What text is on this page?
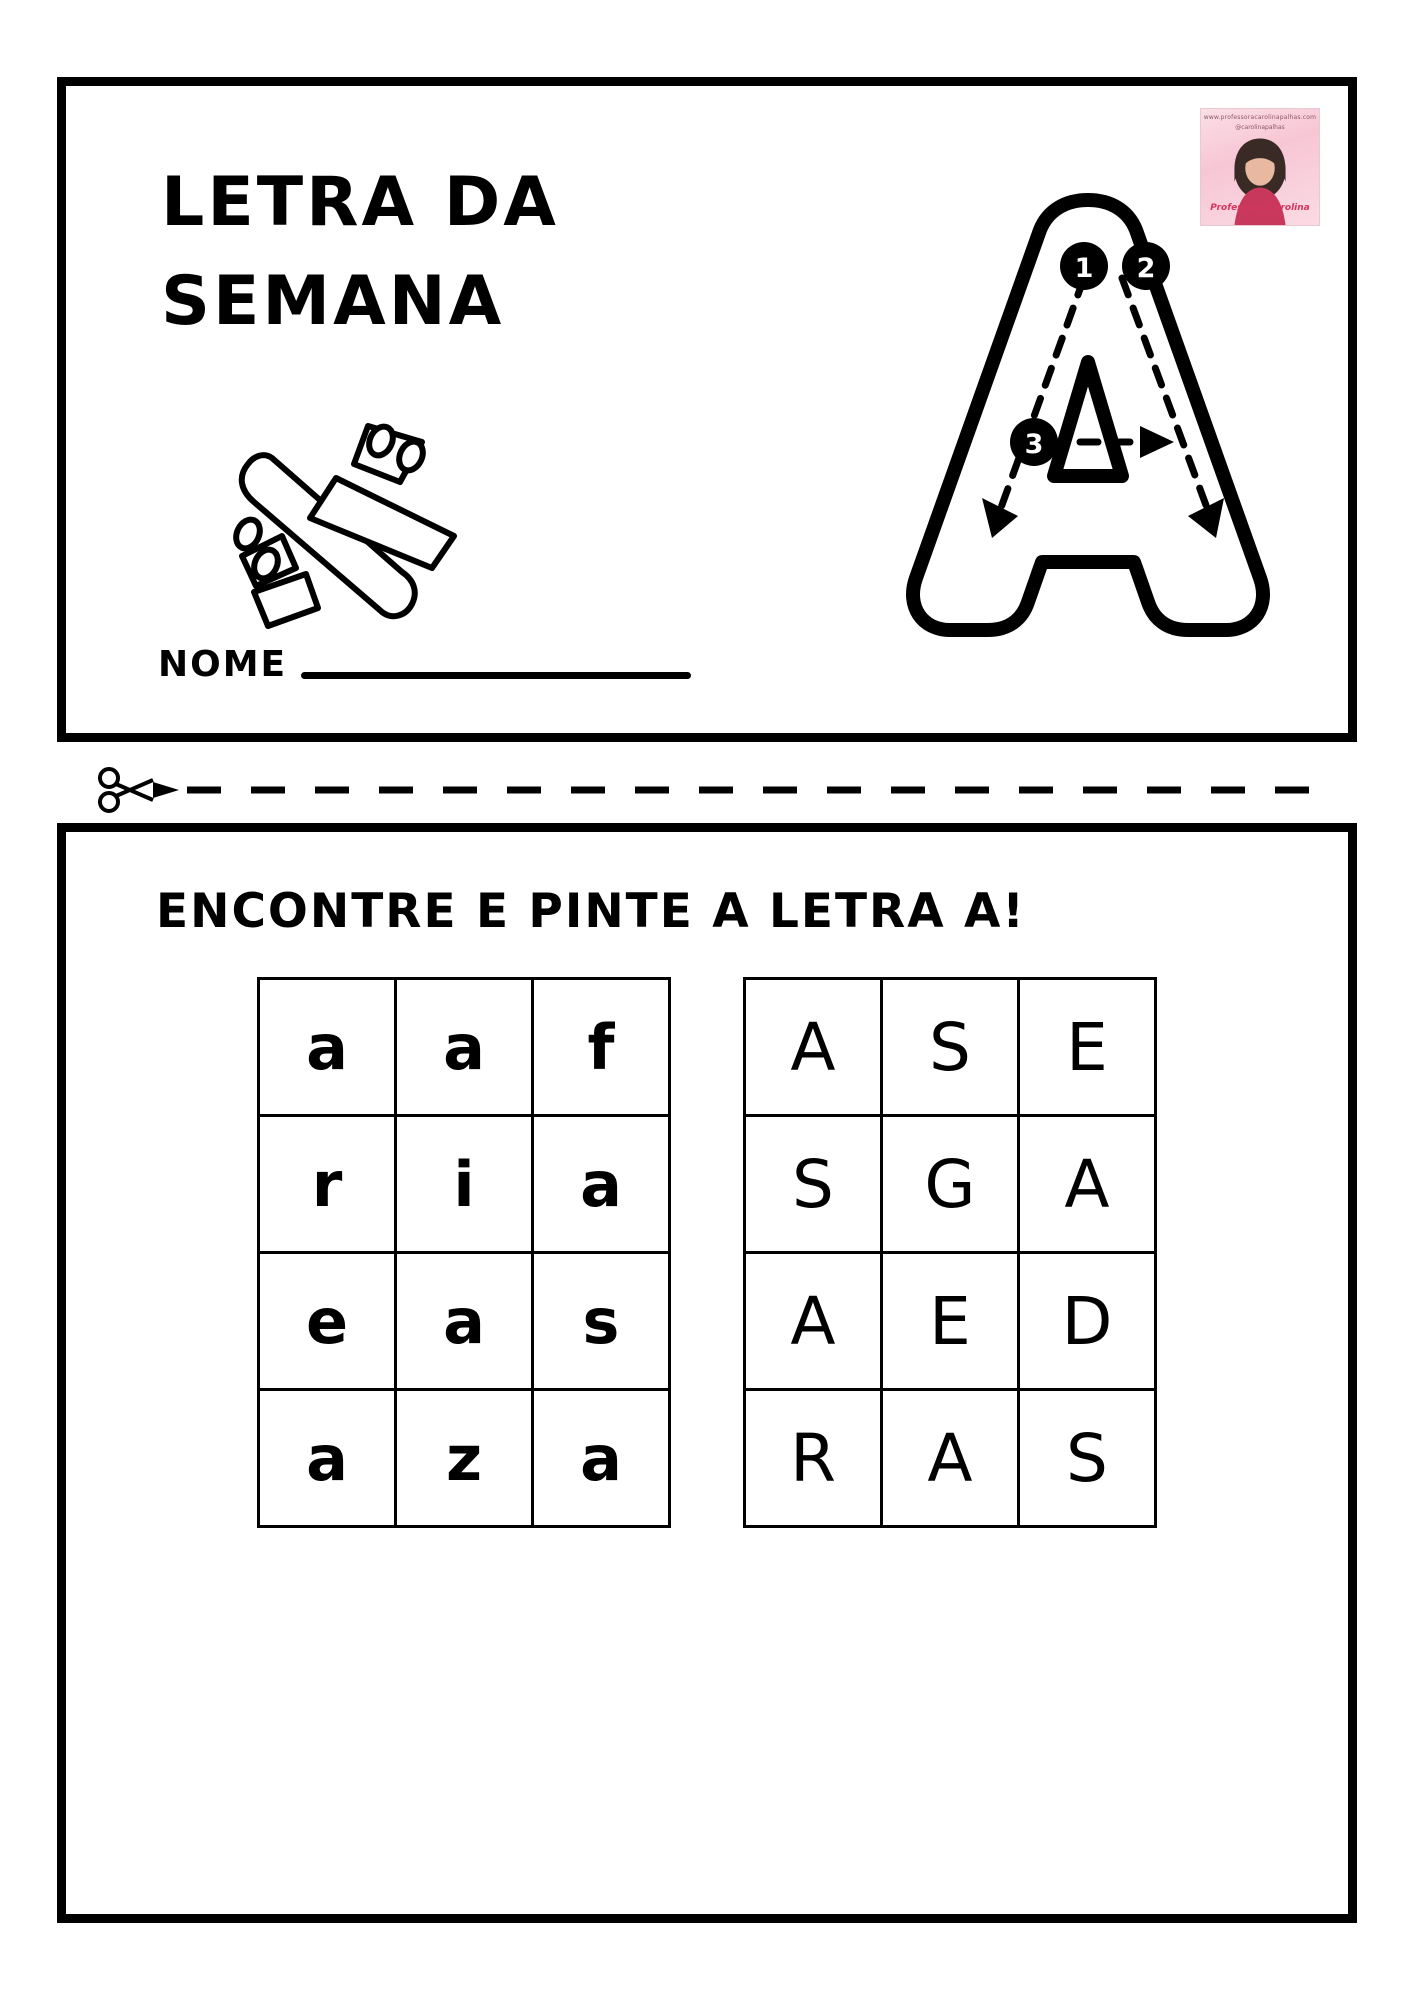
LETRA DA
SEMANA	1 2
3
NOME
www.professoracarolinapalhas.com
@carolinapalhas
Professora Carolina
ENCONTRE E PINTE A LETRA A!
a	a	f
r	i	a
e	a	s
a	z	a
A	S	E
S	G	A
A	E	D
R	A	S
